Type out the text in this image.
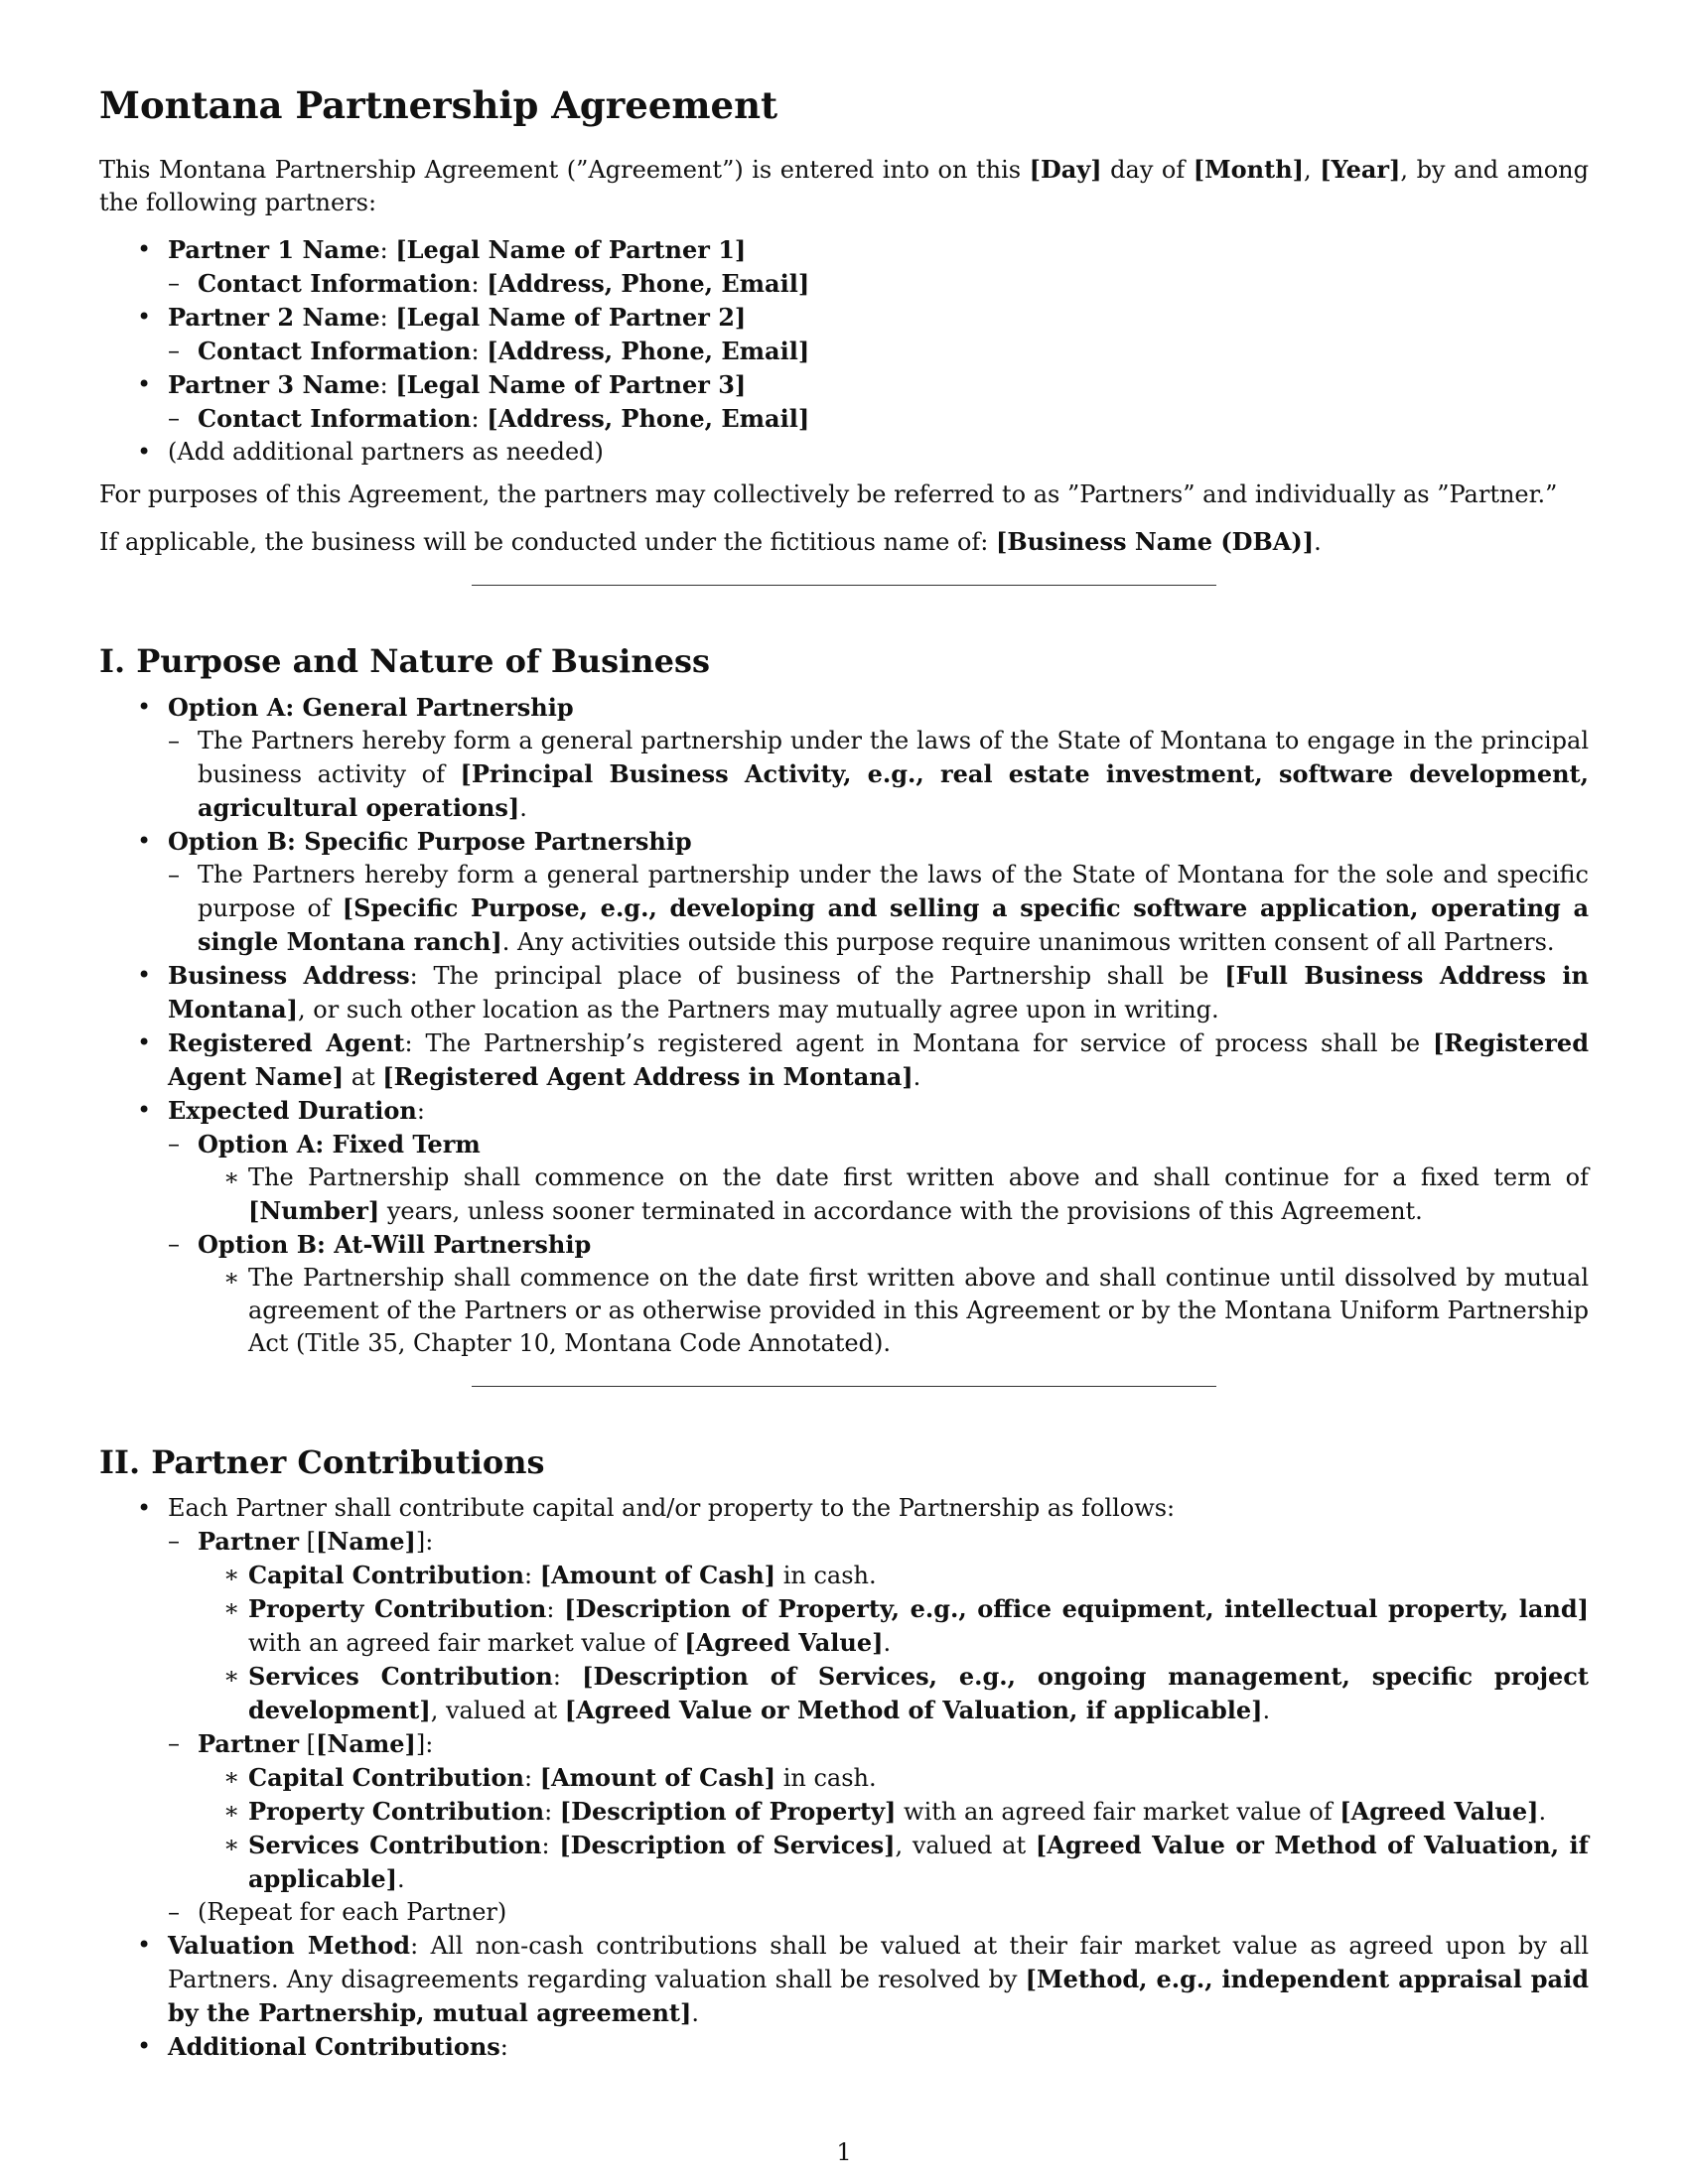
Montana Partnership Agreement

This Montana Partnership Agreement (”Agreement”) is entered into on this [Day] day of [Month], [Year], by and among the following partners:

• Partner 1 Name: [Legal Name of Partner 1]
– Contact Information: [Address, Phone, Email]
• Partner 2 Name: [Legal Name of Partner 2]
– Contact Information: [Address, Phone, Email]
• Partner 3 Name: [Legal Name of Partner 3]
– Contact Information: [Address, Phone, Email]
• (Add additional partners as needed)

For purposes of this Agreement, the partners may collectively be referred to as ”Partners” and individually as ”Partner.”

If applicable, the business will be conducted under the fictitious name of: [Business Name (DBA)].

I. Purpose and Nature of Business
• Option A: General Partnership
– The Partners hereby form a general partnership under the laws of the State of Montana to engage in the principal business activity of [Principal Business Activity, e.g., real estate investment, software development, agricultural operations].
• Option B: Specific Purpose Partnership
– The Partners hereby form a general partnership under the laws of the State of Montana for the sole and specific purpose of [Specific Purpose, e.g., developing and selling a specific software application, operating a single Montana ranch]. Any activities outside this purpose require unanimous written consent of all Partners.
• Business Address: The principal place of business of the Partnership shall be [Full Business Address in Montana], or such other location as the Partners may mutually agree upon in writing.
• Registered Agent: The Partnership’s registered agent in Montana for service of process shall be [Registered Agent Name] at [Registered Agent Address in Montana].
• Expected Duration:
– Option A: Fixed Term
∗ The Partnership shall commence on the date first written above and shall continue for a fixed term of [Number] years, unless sooner terminated in accordance with the provisions of this Agreement.
– Option B: At-Will Partnership
∗ The Partnership shall commence on the date first written above and shall continue until dissolved by mutual agreement of the Partners or as otherwise provided in this Agreement or by the Montana Uniform Partnership Act (Title 35, Chapter 10, Montana Code Annotated).
II. Partner Contributions
• Each Partner shall contribute capital and/or property to the Partnership as follows:
– Partner [[Name]]:
∗ Capital Contribution: [Amount of Cash] in cash.
∗ Property Contribution: [Description of Property, e.g., office equipment, intellectual property, land] with an agreed fair market value of [Agreed Value].
∗ Services Contribution: [Description of Services, e.g., ongoing management, specific project development], valued at [Agreed Value or Method of Valuation, if applicable].
– Partner [[Name]]:
∗ Capital Contribution: [Amount of Cash] in cash.
∗ Property Contribution: [Description of Property] with an agreed fair market value of [Agreed Value].
∗ Services Contribution: [Description of Services], valued at [Agreed Value or Method of Valuation, if applicable].
– (Repeat for each Partner)
• Valuation Method: All non-cash contributions shall be valued at their fair market value as agreed upon by all Partners. Any disagreements regarding valuation shall be resolved by [Method, e.g., independent appraisal paid by the Partnership, mutual agreement].
• Additional Contributions:
1
